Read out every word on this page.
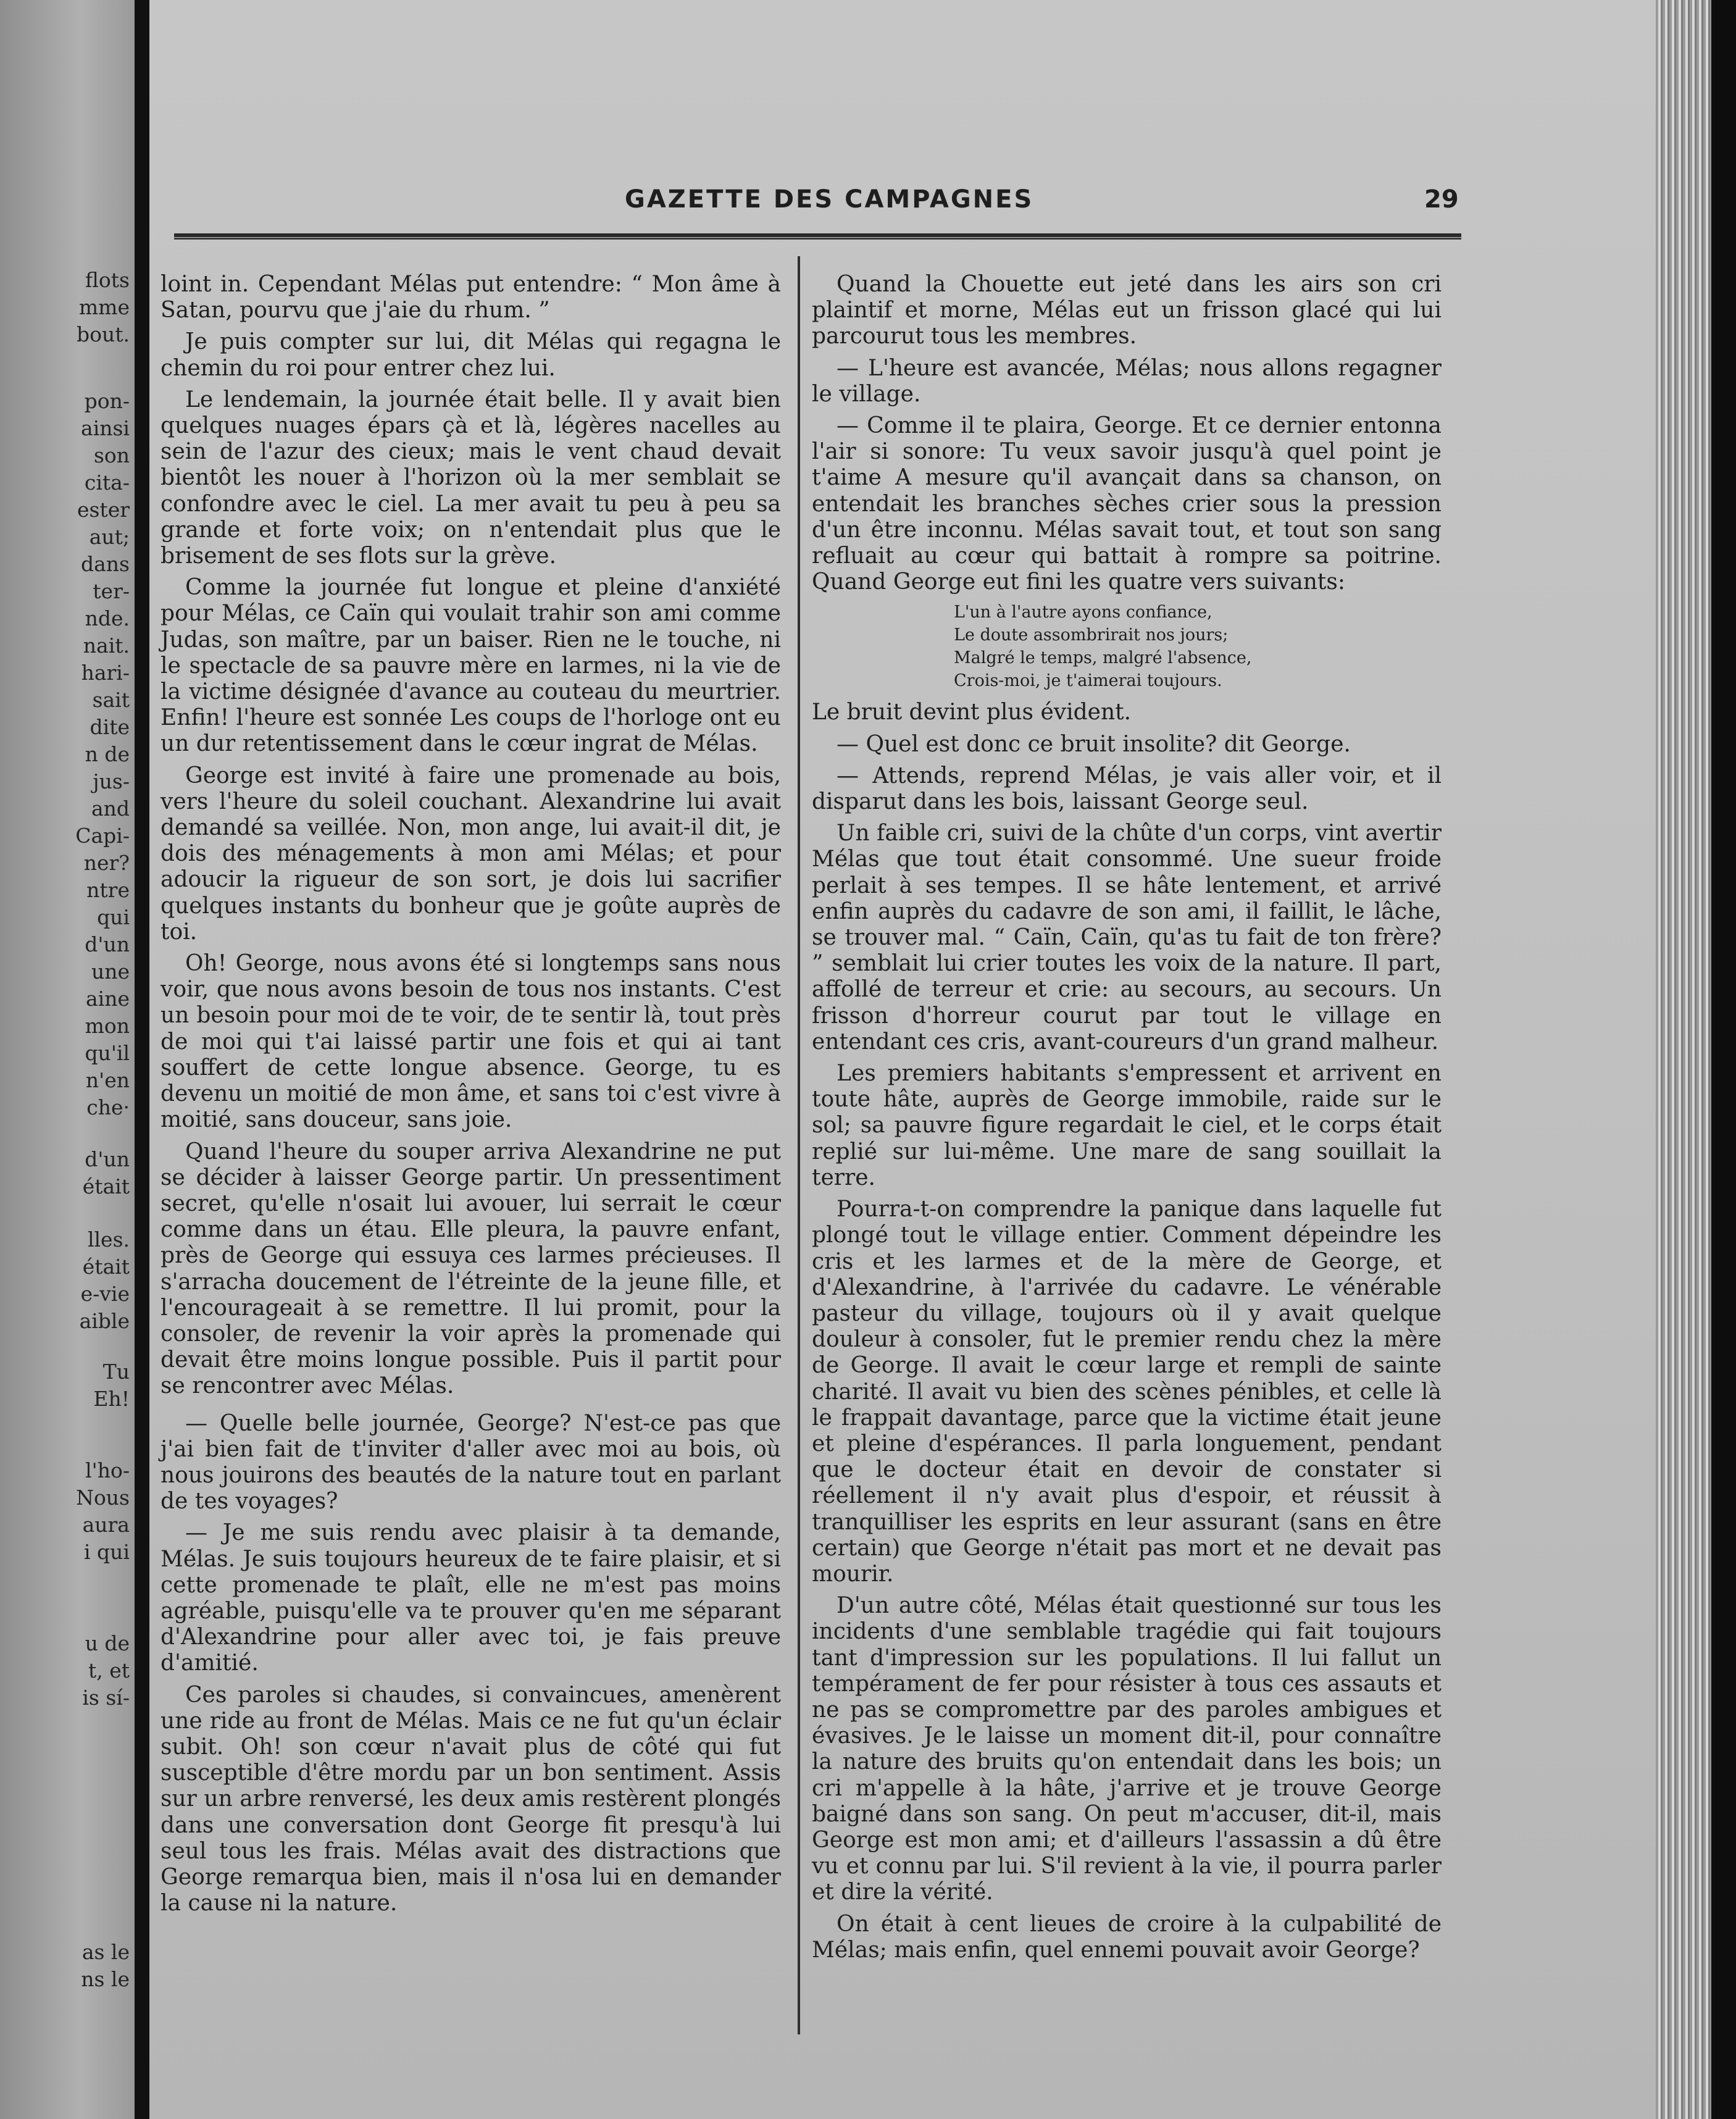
flots
mme
bout.
pon-
ainsi
son
cita-
ester
aut;
dans
ter-
nde.
nait.
hari-
sait
dite
n de
jus-
and
Capi-
ner?
ntre
qui
d'un
une
aine
mon
qu'il
n'en
che·
d'un
était
lles.
était
e-vie
aible
Tu
Eh!
l'ho-
Nous
aura
i qui
u de
t, et
is sí-
as le
ns le
GAZETTE DES CAMPAGNES	29

loint in. Cependant Mélas put entendre: “ Mon âme à Satan, pourvu que j'aie du rhum. ”

Je puis compter sur lui, dit Mélas qui regagna le chemin du roi pour entrer chez lui.

Le lendemain, la journée était belle. Il y avait bien quelques nuages épars çà et là, légères nacelles au sein de l'azur des cieux; mais le vent chaud devait bientôt les nouer à l'horizon où la mer semblait se confondre avec le ciel. La mer avait tu peu à peu sa grande et forte voix; on n'entendait plus que le brisement de ses flots sur la grève.

Comme la journée fut longue et pleine d'anxiété pour Mélas, ce Caïn qui voulait trahir son ami comme Judas, son maître, par un baiser. Rien ne le touche, ni le spectacle de sa pauvre mère en larmes, ni la vie de la victime désignée d'avance au couteau du meurtrier. Enfin! l'heure est sonnée Les coups de l'horloge ont eu un dur retentissement dans le cœur ingrat de Mélas.

George est invité à faire une promenade au bois, vers l'heure du soleil couchant. Alexandrine lui avait demandé sa veillée. Non, mon ange, lui avait-il dit, je dois des ménagements à mon ami Mélas; et pour adoucir la rigueur de son sort, je dois lui sacrifier quelques instants du bonheur que je goûte auprès de toi.

Oh! George, nous avons été si longtemps sans nous voir, que nous avons besoin de tous nos instants. C'est un besoin pour moi de te voir, de te sentir là, tout près de moi qui t'ai laissé partir une fois et qui ai tant souffert de cette longue absence. George, tu es devenu un moitié de mon âme, et sans toi c'est vivre à moitié, sans douceur, sans joie.

Quand l'heure du souper arriva Alexandrine ne put se décider à laisser George partir. Un pressentiment secret, qu'elle n'osait lui avouer, lui serrait le cœur comme dans un étau. Elle pleura, la pauvre enfant, près de George qui essuya ces larmes précieuses. Il s'arracha doucement de l'étreinte de la jeune fille, et l'encourageait à se remettre. Il lui promit, pour la consoler, de revenir la voir après la promenade qui devait être moins longue possible. Puis il partit pour se rencontrer avec Mélas.

— Quelle belle journée, George? N'est-ce pas que j'ai bien fait de t'inviter d'aller avec moi au bois, où nous jouirons des beautés de la nature tout en parlant de tes voyages?

— Je me suis rendu avec plaisir à ta demande, Mélas. Je suis toujours heureux de te faire plaisir, et si cette promenade te plaît, elle ne m'est pas moins agréable, puisqu'elle va te prouver qu'en me séparant d'Alexandrine pour aller avec toi, je fais preuve d'amitié.

Ces paroles si chaudes, si convaincues, amenèrent une ride au front de Mélas. Mais ce ne fut qu'un éclair subit. Oh! son cœur n'avait plus de côté qui fut susceptible d'être mordu par un bon sentiment. Assis sur un arbre renversé, les deux amis restèrent plongés dans une conversation dont George fit presqu'à lui seul tous les frais. Mélas avait des distractions que George remarqua bien, mais il n'osa lui en demander la cause ni la nature.

Quand la Chouette eut jeté dans les airs son cri plaintif et morne, Mélas eut un frisson glacé qui lui parcourut tous les membres.

— L'heure est avancée, Mélas; nous allons regagner le village.

— Comme il te plaira, George. Et ce dernier entonna l'air si sonore: Tu veux savoir jusqu'à quel point je t'aime A mesure qu'il avançait dans sa chanson, on entendait les branches sèches crier sous la pression d'un être inconnu. Mélas savait tout, et tout son sang refluait au cœur qui battait à rompre sa poitrine. Quand George eut fini les quatre vers suivants:

L'un à l'autre ayons confiance,
Le doute assombrirait nos jours;
Malgré le temps, malgré l'absence,
Crois-moi, je t'aimerai toujours.

Le bruit devint plus évident.

— Quel est donc ce bruit insolite? dit George.

— Attends, reprend Mélas, je vais aller voir, et il disparut dans les bois, laissant George seul.

Un faible cri, suivi de la chûte d'un corps, vint avertir Mélas que tout était consommé. Une sueur froide perlait à ses tempes. Il se hâte lentement, et arrivé enfin auprès du cadavre de son ami, il faillit, le lâche, se trouver mal. “ Caïn, Caïn, qu'as tu fait de ton frère? ” semblait lui crier toutes les voix de la nature. Il part, affollé de terreur et crie: au secours, au secours. Un frisson d'horreur courut par tout le village en entendant ces cris, avant-coureurs d'un grand malheur.

Les premiers habitants s'empressent et arrivent en toute hâte, auprès de George immobile, raide sur le sol; sa pauvre figure regardait le ciel, et le corps était replié sur lui-même. Une mare de sang souillait la terre.

Pourra-t-on comprendre la panique dans laquelle fut plongé tout le village entier. Comment dépeindre les cris et les larmes et de la mère de George, et d'Alexandrine, à l'arrivée du cadavre. Le vénérable pasteur du village, toujours où il y avait quelque douleur à consoler, fut le premier rendu chez la mère de George. Il avait le cœur large et rempli de sainte charité. Il avait vu bien des scènes pénibles, et celle là le frappait davantage, parce que la victime était jeune et pleine d'espérances. Il parla longuement, pendant que le docteur était en devoir de constater si réellement il n'y avait plus d'espoir, et réussit à tranquilliser les esprits en leur assurant (sans en être certain) que George n'était pas mort et ne devait pas mourir.

D'un autre côté, Mélas était questionné sur tous les incidents d'une semblable tragédie qui fait toujours tant d'impression sur les populations. Il lui fallut un tempérament de fer pour résister à tous ces assauts et ne pas se compromettre par des paroles ambigues et évasives. Je le laisse un moment dit-il, pour connaître la nature des bruits qu'on entendait dans les bois; un cri m'appelle à la hâte, j'arrive et je trouve George baigné dans son sang. On peut m'accuser, dit-il, mais George est mon ami; et d'ailleurs l'assassin a dû être vu et connu par lui. S'il revient à la vie, il pourra parler et dire la vérité.

On était à cent lieues de croire à la culpabilité de Mélas; mais enfin, quel ennemi pouvait avoir George?
